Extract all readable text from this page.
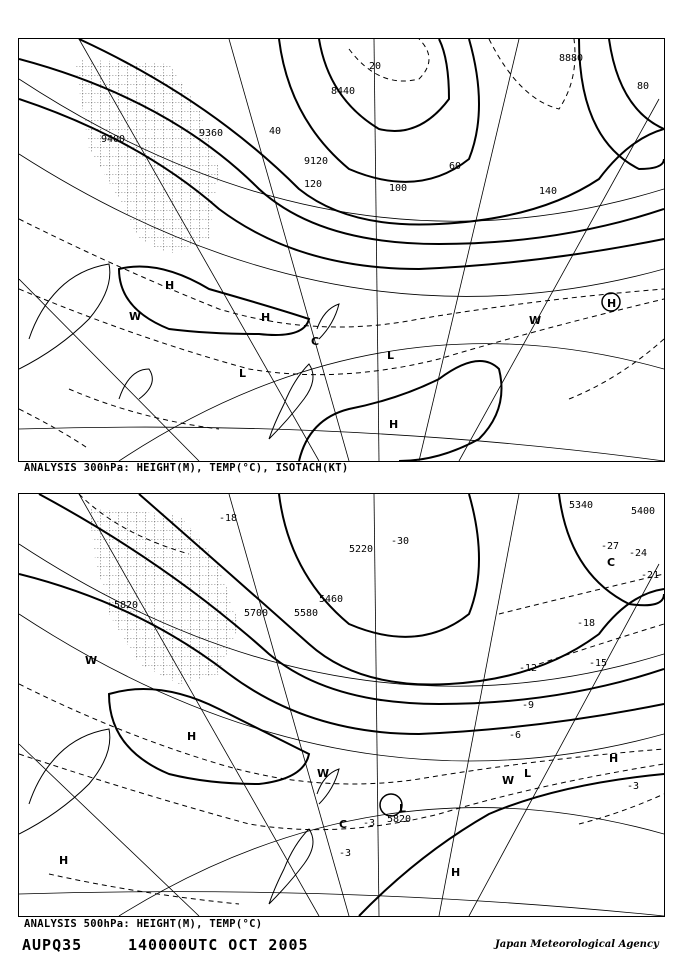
9400
9360
9120
8440
8880
20
40
60
80
100
120
140
H
L
C
W	H
H
H
L
W
ANALYSIS 300hPa: HEIGHT(M), TEMP(°C), ISOTACH(KT)
5820
5700	5580
5460
5220
5340
5400
5820
-18
-30	-27
-24
-21
-18
-15
-12
-9
-6
-3
-3
-3
H
H
W
C
L
W
H
W
L
H
C
ANALYSIS 500hPa: HEIGHT(M), TEMP(°C)
AUPQ35	140000UTC OCT 2005	Japan Meteorological Agency
